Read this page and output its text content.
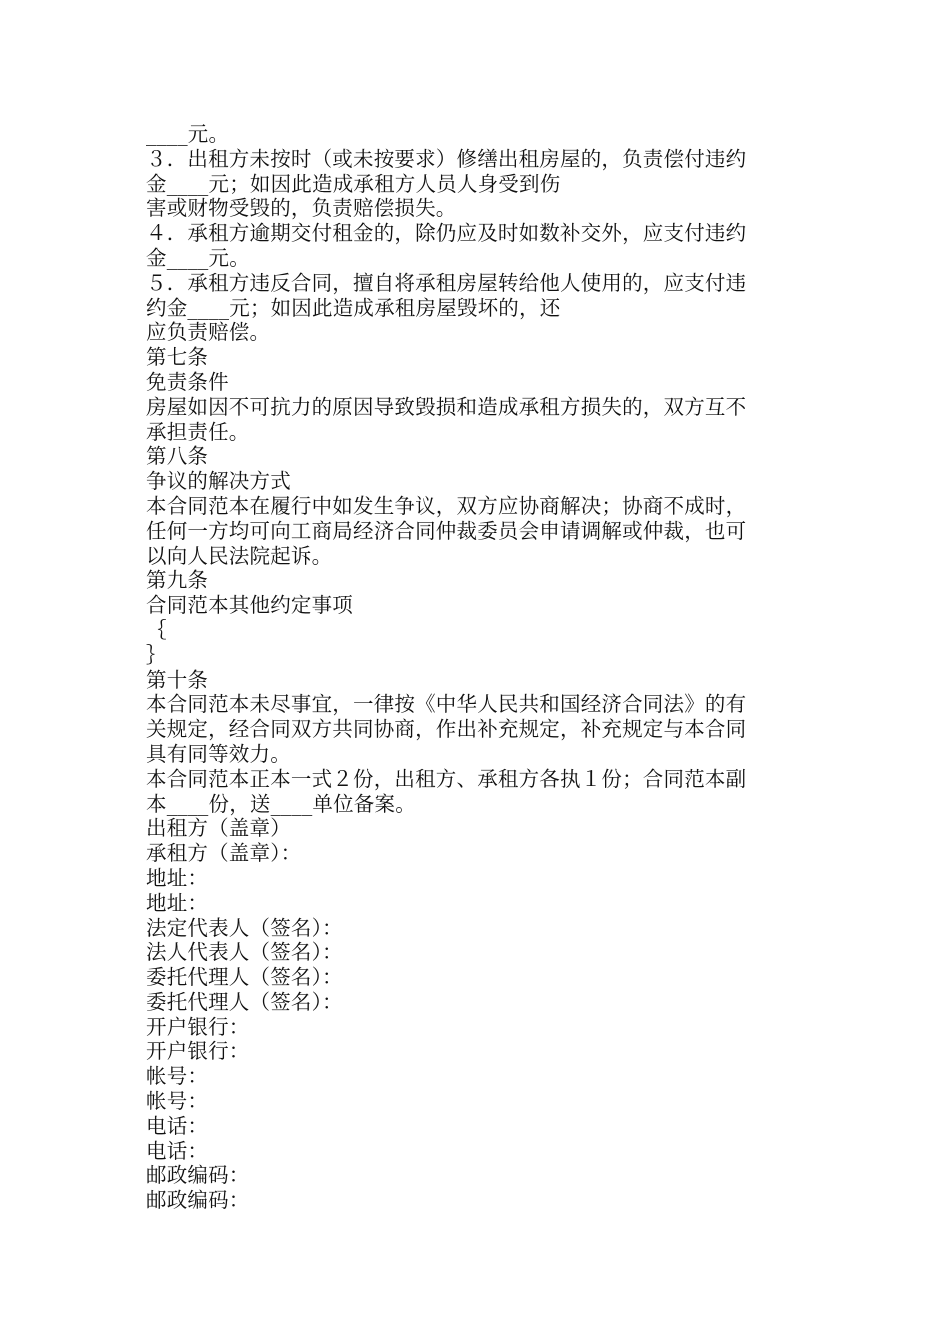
____元。
３．出租方未按时（或未按要求）修缮出租房屋的，负责偿付违约
金____元；如因此造成承租方人员人身受到伤
害或财物受毁的，负责赔偿损失。
４．承租方逾期交付租金的，除仍应及时如数补交外，应支付违约
金____元。
５．承租方违反合同，擅自将承租房屋转给他人使用的，应支付违
约金____元；如因此造成承租房屋毁坏的，还
应负责赔偿。
第七条
免责条件
房屋如因不可抗力的原因导致毁损和造成承租方损失的，双方互不
承担责任。
第八条
争议的解决方式
本合同范本在履行中如发生争议，双方应协商解决；协商不成时，
任何一方均可向工商局经济合同仲裁委员会申请调解或仲裁，也可
以向人民法院起诉。
第九条
合同范本其他约定事项
｛
｝
第十条
本合同范本未尽事宜，一律按《中华人民共和国经济合同法》的有
关规定，经合同双方共同协商，作出补充规定，补充规定与本合同
具有同等效力。
本合同范本正本一式２份，出租方、承租方各执１份；合同范本副
本____份，送____单位备案。
出租方（盖章）
承租方（盖章）：
地址：
地址：
法定代表人（签名）：
法人代表人（签名）：
委托代理人（签名）：
委托代理人（签名）：
开户银行：
开户银行：
帐号：
帐号：
电话：
电话：
邮政编码：
邮政编码：
